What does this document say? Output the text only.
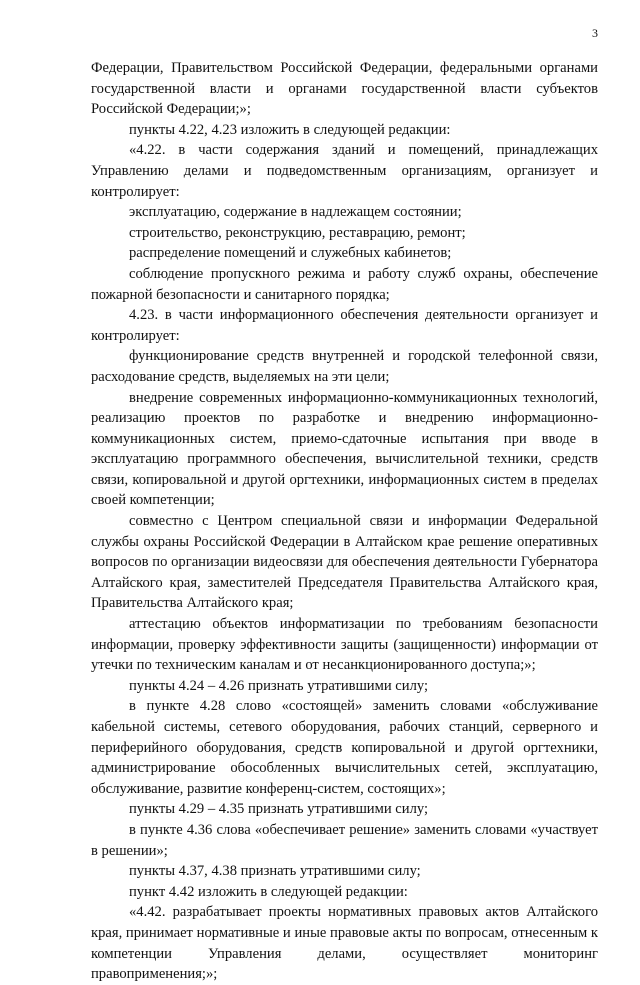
3

Федерации, Правительством Российской Федерации, федеральными органами государственной власти и органами государственной власти субъектов Российской Федерации;»;

пункты 4.22, 4.23 изложить в следующей редакции:

«4.22. в части содержания зданий и помещений, принадлежащих Управлению делами и подведомственным организациям, организует и контролирует:

эксплуатацию, содержание в надлежащем состоянии;

строительство, реконструкцию, реставрацию, ремонт;

распределение помещений и служебных кабинетов;

соблюдение пропускного режима и работу служб охраны, обеспечение пожарной безопасности и санитарного порядка;

4.23. в части информационного обеспечения деятельности организует и контролирует:

функционирование средств внутренней и городской телефонной связи, расходование средств, выделяемых на эти цели;

внедрение современных информационно-коммуникационных технологий, реализацию проектов по разработке и внедрению информационно-коммуникационных систем, приемо-сдаточные испытания при вводе в эксплуатацию программного обеспечения, вычислительной техники, средств связи, копировальной и другой оргтехники, информационных систем в пределах своей компетенции;

совместно с Центром специальной связи и информации Федеральной службы охраны Российской Федерации в Алтайском крае решение оперативных вопросов по организации видеосвязи для обеспечения деятельности Губернатора Алтайского края, заместителей Председателя Правительства Алтайского края, Правительства Алтайского края;

аттестацию объектов информатизации по требованиям безопасности информации, проверку эффективности защиты (защищенности) информации от утечки по техническим каналам и от несанкционированного доступа;»;

пункты 4.24 – 4.26 признать утратившими силу;

в пункте 4.28 слово «состоящей» заменить словами «обслуживание кабельной системы, сетевого оборудования, рабочих станций, серверного и периферийного оборудования, средств копировальной и другой оргтехники, администрирование обособленных вычислительных сетей, эксплуатацию, обслуживание, развитие конференц-систем, состоящих»;

пункты 4.29 – 4.35 признать утратившими силу;

в пункте 4.36 слова «обеспечивает решение» заменить словами «участвует в решении»;

пункты 4.37, 4.38 признать утратившими силу;

пункт 4.42 изложить в следующей редакции:

«4.42. разрабатывает проекты нормативных правовых актов Алтайского края, принимает нормативные и иные правовые акты по вопросам, отнесенным к компетенции Управления делами, осуществляет мониторинг правоприменения;»;
